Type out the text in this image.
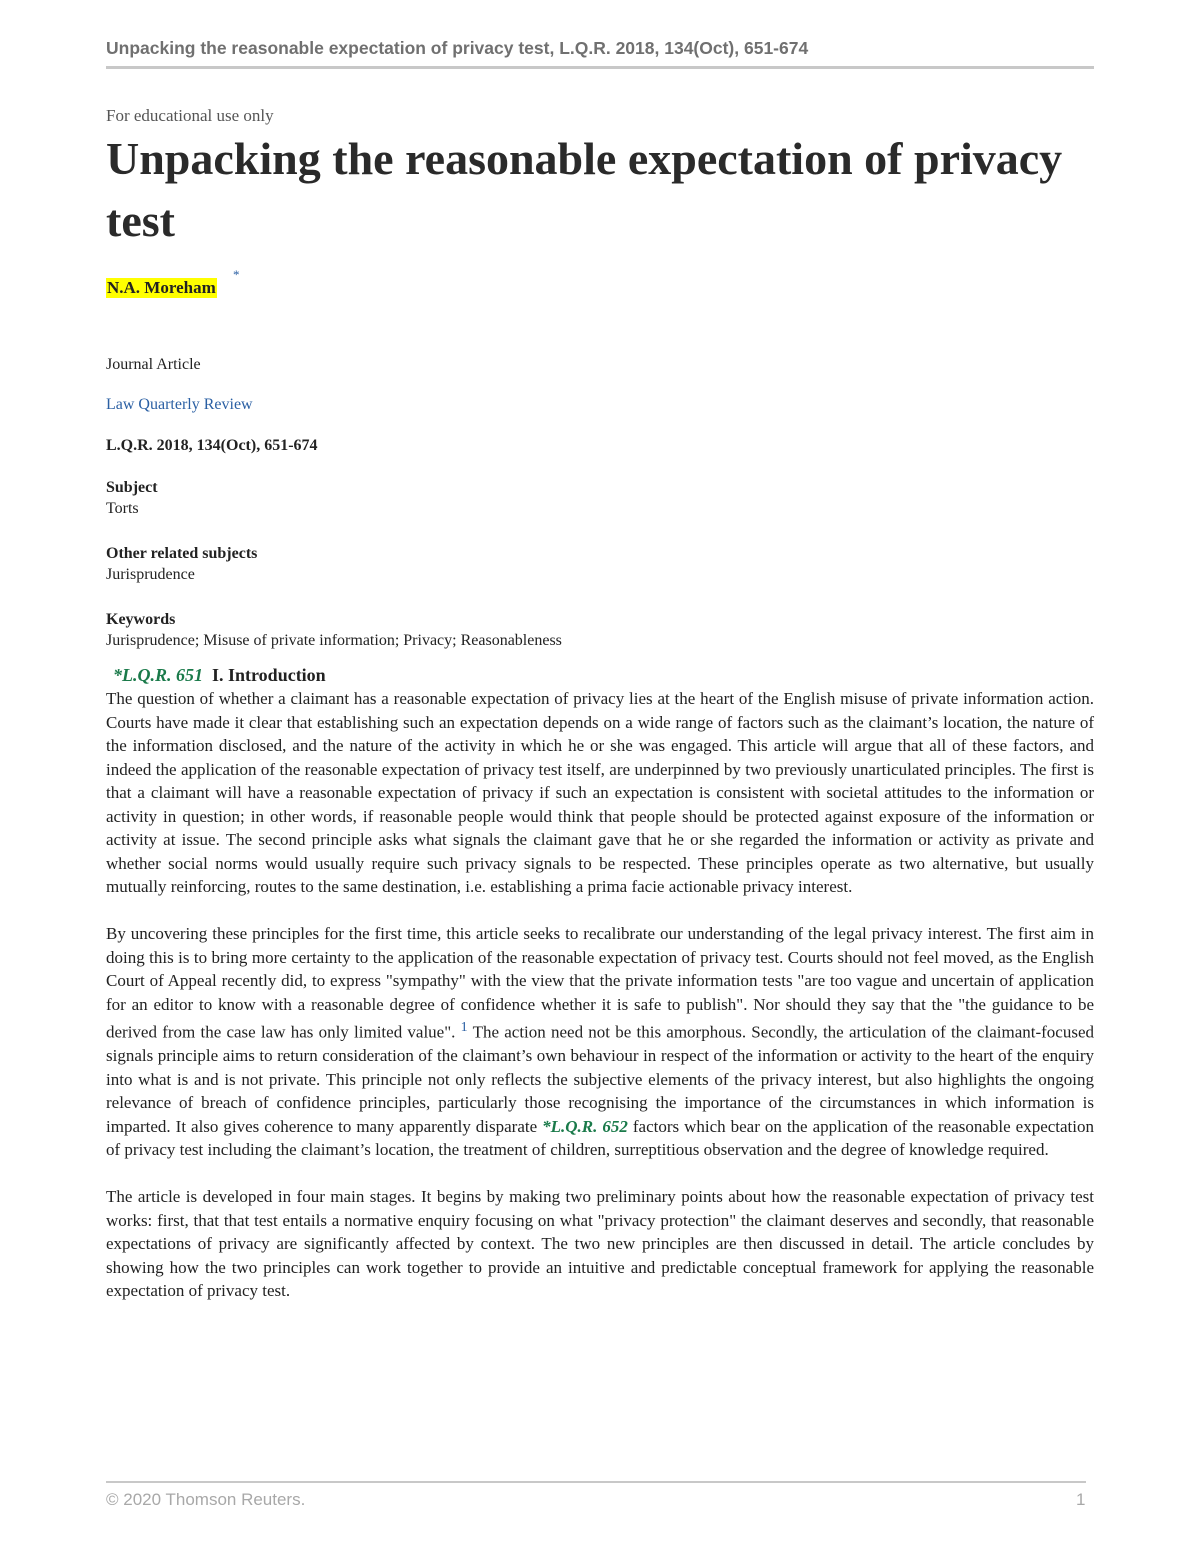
Unpacking the reasonable expectation of privacy test, L.Q.R. 2018, 134(Oct), 651-674

For educational use only

Unpacking the reasonable expectation of privacy test
N.A. Moreham
*
Journal Article
Law Quarterly Review
L.Q.R. 2018, 134(Oct), 651-674
Subject
Torts
Other related subjects
Jurisprudence
Keywords
Jurisprudence; Misuse of private information; Privacy; Reasonableness
*L.Q.R. 651 I. Introduction

The question of whether a claimant has a reasonable expectation of privacy lies at the heart of the English misuse of private information action. Courts have made it clear that establishing such an expectation depends on a wide range of factors such as the claimant’s location, the nature of the information disclosed, and the nature of the activity in which he or she was engaged. This article will argue that all of these factors, and indeed the application of the reasonable expectation of privacy test itself, are underpinned by two previously unarticulated principles. The first is that a claimant will have a reasonable expectation of privacy if such an expectation is consistent with societal attitudes to the information or activity in question; in other words, if reasonable people would think that people should be protected against exposure of the information or activity at issue. The second principle asks what signals the claimant gave that he or she regarded the information or activity as private and whether social norms would usually require such privacy signals to be respected. These principles operate as two alternative, but usually mutually reinforcing, routes to the same destination, i.e. establishing a prima facie actionable privacy interest.

By uncovering these principles for the first time, this article seeks to recalibrate our understanding of the legal privacy interest. The first aim in doing this is to bring more certainty to the application of the reasonable expectation of privacy test. Courts should not feel moved, as the English Court of Appeal recently did, to express "sympathy" with the view that the private information tests "are too vague and uncertain of application for an editor to know with a reasonable degree of confidence whether it is safe to publish". Nor should they say that the "the guidance to be derived from the case law has only limited value". $^1$ The action need not be this amorphous. Secondly, the articulation of the claimant-focused signals principle aims to return consideration of the claimant’s own behaviour in respect of the information or activity to the heart of the enquiry into what is and is not private. This principle not only reflects the subjective elements of the privacy interest, but also highlights the ongoing relevance of breach of confidence principles, particularly those recognising the importance of the circumstances in which information is imparted. It also gives coherence to many apparently disparate *L.Q.R. 652 factors which bear on the application of the reasonable expectation of privacy test including the claimant’s location, the treatment of children, surreptitious observation and the degree of knowledge required.

The article is developed in four main stages. It begins by making two preliminary points about how the reasonable expectation of privacy test works: first, that that test entails a normative enquiry focusing on what "privacy protection" the claimant deserves and secondly, that reasonable expectations of privacy are significantly affected by context. The two new principles are then discussed in detail. The article concludes by showing how the two principles can work together to provide an intuitive and predictable conceptual framework for applying the reasonable expectation of privacy test.

© 2020 Thomson Reuters.	1
